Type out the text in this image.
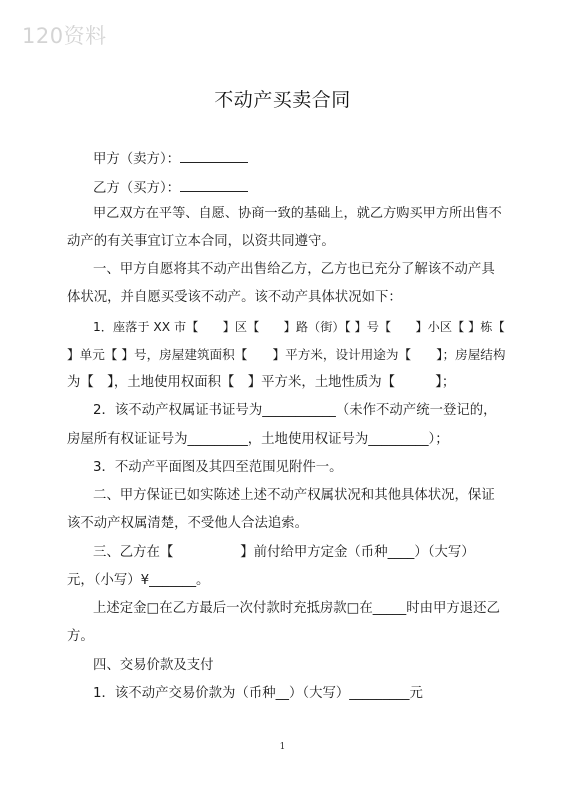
120资料
不动产买卖合同
甲方（卖方）：
乙方（买方）：
甲乙双方在平等、自愿、协商一致的基础上，就乙方购买甲方所出售不
动产的有关事宜订立本合同，以资共同遵守。
一、甲方自愿将其不动产出售给乙方，乙方也已充分了解该不动产具
体状况，并自愿买受该不动产。该不动产具体状况如下：
1．座落于 XX 市【　　】区【　　】路（街）【 】号【　　】小区【 】栋【
】单元【 】号，房屋建筑面积【　　】平方米，设计用途为【　　】；房屋结构
为【　】，土地使用权面积【　】平方米，土地性质为【　　　】；
2．该不动产权属证书证号为___________（未作不动产统一登记的，
房屋所有权证证号为_________，土地使用权证号为_________）；
3．不动产平面图及其四至范围见附件一。
二、甲方保证已如实陈述上述不动产权属状况和其他具体状况，保证
该不动产权属清楚，不受他人合法追索。
三、乙方在【　　　　　】前付给甲方定金（币种____）（大写）
元，（小写）¥_______。
上述定金□在乙方最后一次付款时充抵房款□在_____时由甲方退还乙
方。
四、交易价款及支付
1．该不动产交易价款为（币种__）（大写）_________元
1
